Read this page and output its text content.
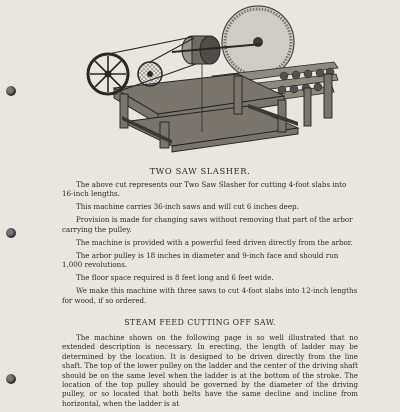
TWO SAW SLASHER.

The above cut represents our Two Saw Slasher for cutting 4-foot slabs into 16-inch lengths.

This machine carries 36-inch saws and will cut 6 inches deep.

Provision is made for changing saws without removing that part of the arbor carrying the pulley.

The machine is provided with a powerful feed driven directly from the arbor.

The arbor pulley is 18 inches in diameter and 9-inch face and should run 1,000 revolutions.

The floor space required is 8 feet long and 6 feet wide.

We make this machine with three saws to cut 4-foot slabs into 12-inch lengths for wood, if so ordered.

STEAM FEED CUTTING OFF SAW.

The machine shown on the following page is so well illustrated that no extended description is necessary. In erecting, the length of ladder may be determined by the location. It is designed to be driven directly from the line shaft. The top of the lower pulley on the ladder and the center of the driving shaft should be on the same level when the ladder is at the bottom of the stroke. The location of the top pulley should be governed by the diameter of the driving pulley, or so located that both belts have the same decline and incline from horizontal, when the ladder is at
